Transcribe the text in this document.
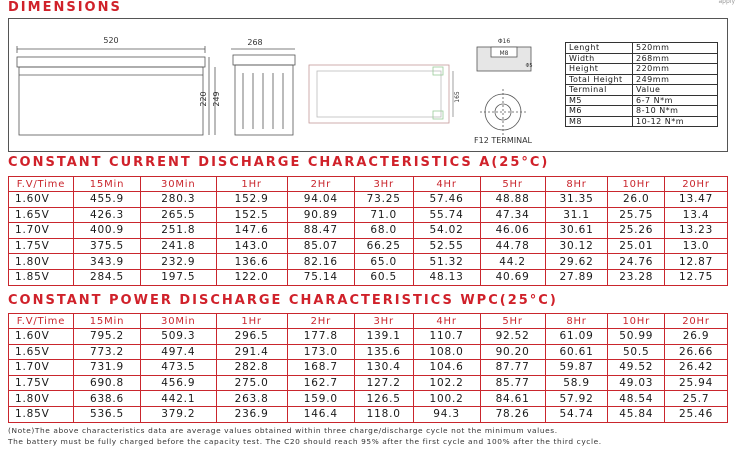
DIMENSIONS	apply
520
220 249
268
165
Φ16
M8
Φ5
F12 TERMINAL
Lenght	520mm
Width	268mm
Height	220mm
Total Height	249mm
Terminal	Value
M5	6-7 N*m
M6	8-10 N*m
M8	10-12 N*m
CONSTANT CURRENT DISCHARGE CHARACTERISTICS A(25°C)
F.V/Time	15Min	30Min	1Hr	2Hr	3Hr	4Hr	5Hr	8Hr	10Hr	20Hr
1.60V	455.9	280.3	152.9	94.04	73.25	57.46	48.88	31.35	26.0	13.47
1.65V	426.3	265.5	152.5	90.89	71.0	55.74	47.34	31.1	25.75	13.4
1.70V	400.9	251.8	147.6	88.47	68.0	54.02	46.06	30.61	25.26	13.23
1.75V	375.5	241.8	143.0	85.07	66.25	52.55	44.78	30.12	25.01	13.0
1.80V	343.9	232.9	136.6	82.16	65.0	51.32	44.2	29.62	24.76	12.87
1.85V	284.5	197.5	122.0	75.14	60.5	48.13	40.69	27.89	23.28	12.75
CONSTANT POWER DISCHARGE CHARACTERISTICS WPC(25°C)
F.V/Time	15Min	30Min	1Hr	2Hr	3Hr	4Hr	5Hr	8Hr	10Hr	20Hr
1.60V	795.2	509.3	296.5	177.8	139.1	110.7	92.52	61.09	50.99	26.9
1.65V	773.2	497.4	291.4	173.0	135.6	108.0	90.20	60.61	50.5	26.66
1.70V	731.9	473.5	282.8	168.7	130.4	104.6	87.77	59.87	49.52	26.42
1.75V	690.8	456.9	275.0	162.7	127.2	102.2	85.77	58.9	49.03	25.94
1.80V	638.6	442.1	263.8	159.0	126.5	100.2	84.61	57.92	48.54	25.7
1.85V	536.5	379.2	236.9	146.4	118.0	94.3	78.26	54.74	45.84	25.46
(Note)The above characteristics data are average values obtained within three charge/discharge cycle not the minimum values.
The battery must be fully charged before the capacity test. The C20 should reach 95% after the first cycle and 100% after the third cycle.
